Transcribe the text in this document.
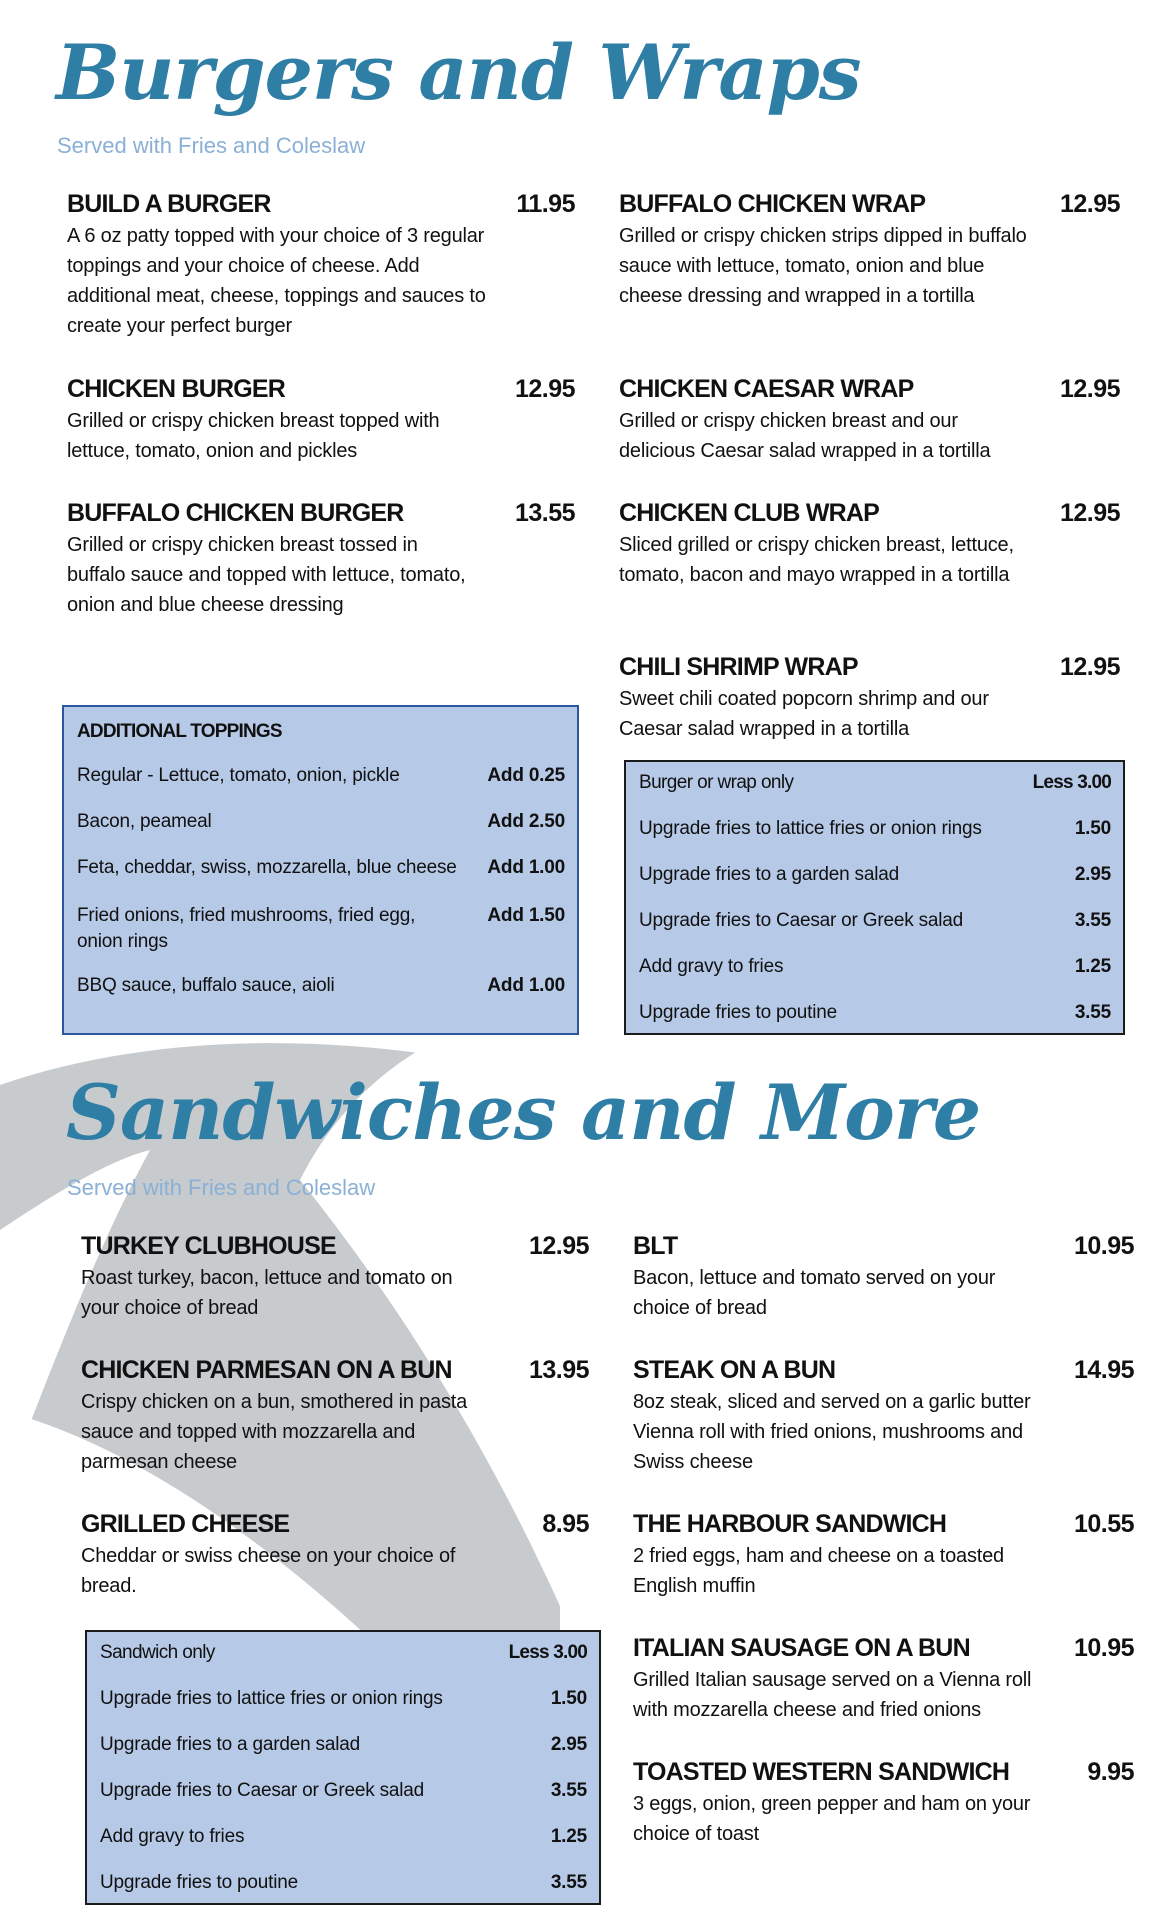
Burgers and Wraps
Served with Fries and Coleslaw
BUILD A BURGER	11.95
A 6 oz patty topped with your choice of 3 regular toppings and your choice of cheese. Add additional meat, cheese, toppings and sauces to create your perfect burger
CHICKEN BURGER	12.95
Grilled or crispy chicken breast topped with lettuce, tomato, onion and pickles
BUFFALO CHICKEN BURGER	13.55
Grilled or crispy chicken breast tossed in buffalo sauce and topped with lettuce, tomato, onion and blue cheese dressing
BUFFALO CHICKEN WRAP	12.95
Grilled or crispy chicken strips dipped in buffalo sauce with lettuce, tomato, onion and blue cheese dressing and wrapped in a tortilla
CHICKEN CAESAR WRAP	12.95
Grilled or crispy chicken breast and our delicious Caesar salad wrapped in a tortilla
CHICKEN CLUB WRAP	12.95
Sliced grilled or crispy chicken breast, lettuce, tomato, bacon and mayo wrapped in a tortilla
CHILI SHRIMP WRAP	12.95
Sweet chili coated popcorn shrimp and our Caesar salad wrapped in a tortilla
ADDITIONAL TOPPINGS
Regular - Lettuce, tomato, onion, pickle	Add 0.25
Bacon, peameal	Add 2.50
Feta, cheddar, swiss, mozzarella, blue cheese Add 1.00
Fried onions, fried mushrooms, fried egg, onion rings
Add 1.50
BBQ sauce, buffalo sauce, aioli	Add 1.00
Burger or wrap only	Less 3.00
Upgrade fries to lattice fries or onion rings	1.50
Upgrade fries to a garden salad	2.95
Upgrade fries to Caesar or Greek salad	3.55
Add gravy to fries	1.25
Upgrade fries to poutine	3.55
Sandwiches and More
Served with Fries and Coleslaw
TURKEY CLUBHOUSE	12.95
Roast turkey, bacon, lettuce and tomato on your choice of bread
CHICKEN PARMESAN ON A BUN	13.95
Crispy chicken on a bun, smothered in pasta sauce and topped with mozzarella and parmesan cheese
GRILLED CHEESE	8.95
Cheddar or swiss cheese on your choice of bread.
BLT	10.95
Bacon, lettuce and tomato served on your choice of bread
STEAK ON A BUN	14.95
8oz steak, sliced and served on a garlic butter Vienna roll with fried onions, mushrooms and Swiss cheese
THE HARBOUR SANDWICH	10.55
2 fried eggs, ham and cheese on a toasted English muffin
ITALIAN SAUSAGE ON A BUN	10.95
Grilled Italian sausage served on a Vienna roll with mozzarella cheese and fried onions
TOASTED WESTERN SANDWICH	9.95
3 eggs, onion, green pepper and ham on your choice of toast
Sandwich only	Less 3.00
Upgrade fries to lattice fries or onion rings	1.50
Upgrade fries to a garden salad	2.95
Upgrade fries to Caesar or Greek salad	3.55
Add gravy to fries	1.25
Upgrade fries to poutine	3.55
